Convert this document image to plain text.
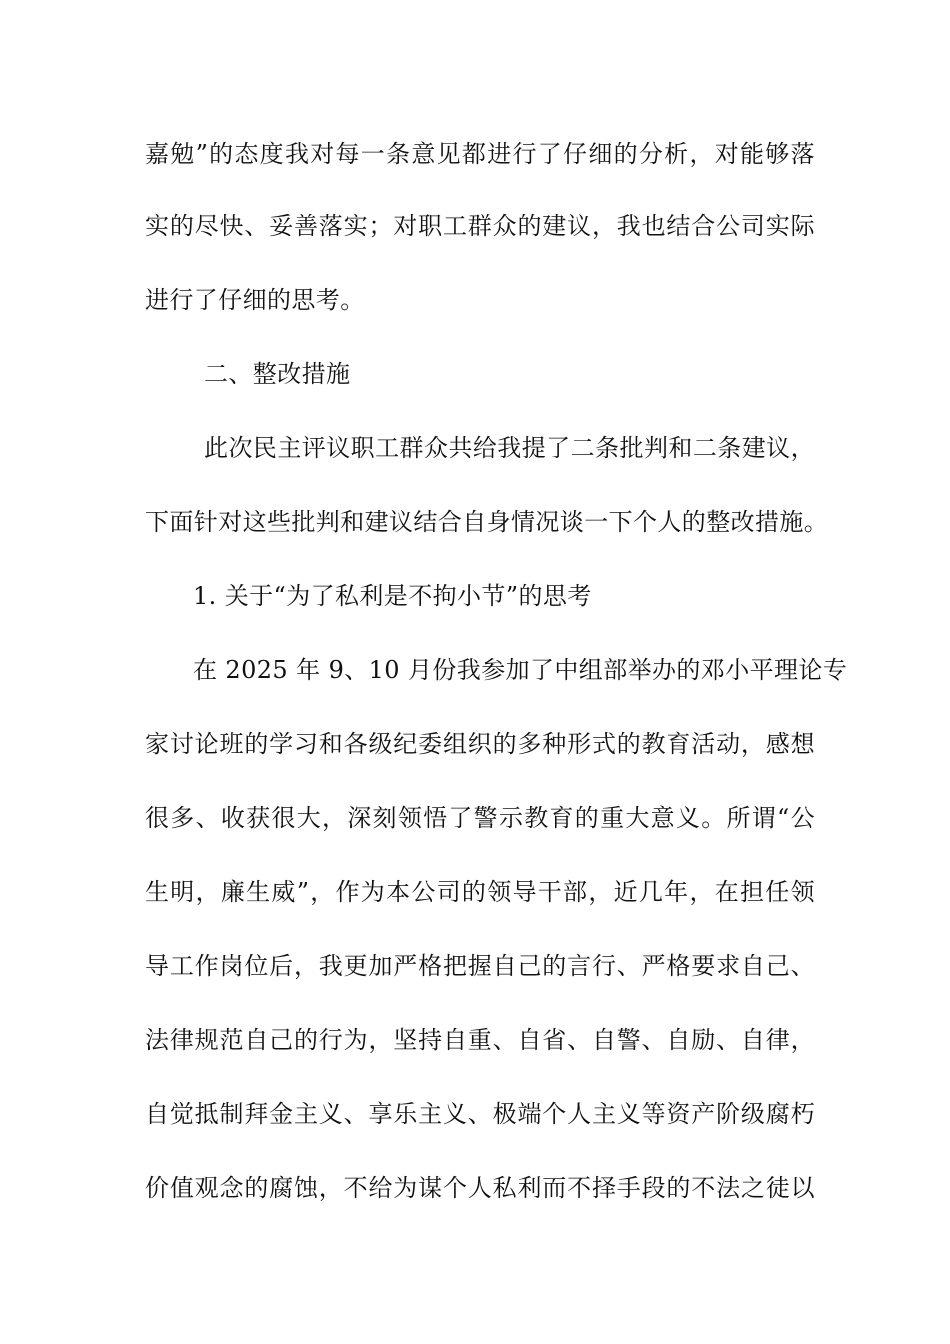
嘉勉”的态度我对每一条意见都进行了仔细的分析，对能够落
实的尽快、妥善落实；对职工群众的建议，我也结合公司实际
进行了仔细的思考。
二、整改措施
此次民主评议职工群众共给我提了二条批判和二条建议，
下面针对这些批判和建议结合自身情况谈一下个人的整改措施。
1. 关于“为了私利是不拘小节”的思考
在 2025 年 9、10 月份我参加了中组部举办的邓小平理论专
家讨论班的学习和各级纪委组织的多种形式的教育活动，感想
很多、收获很大，深刻领悟了警示教育的重大意义。所谓“公
生明，廉生威”，作为本公司的领导干部，近几年，在担任领
导工作岗位后，我更加严格把握自己的言行、严格要求自己、
法律规范自己的行为，坚持自重、自省、自警、自励、自律，
自觉抵制拜金主义、享乐主义、极端个人主义等资产阶级腐朽
价值观念的腐蚀，不给为谋个人私利而不择手段的不法之徒以
